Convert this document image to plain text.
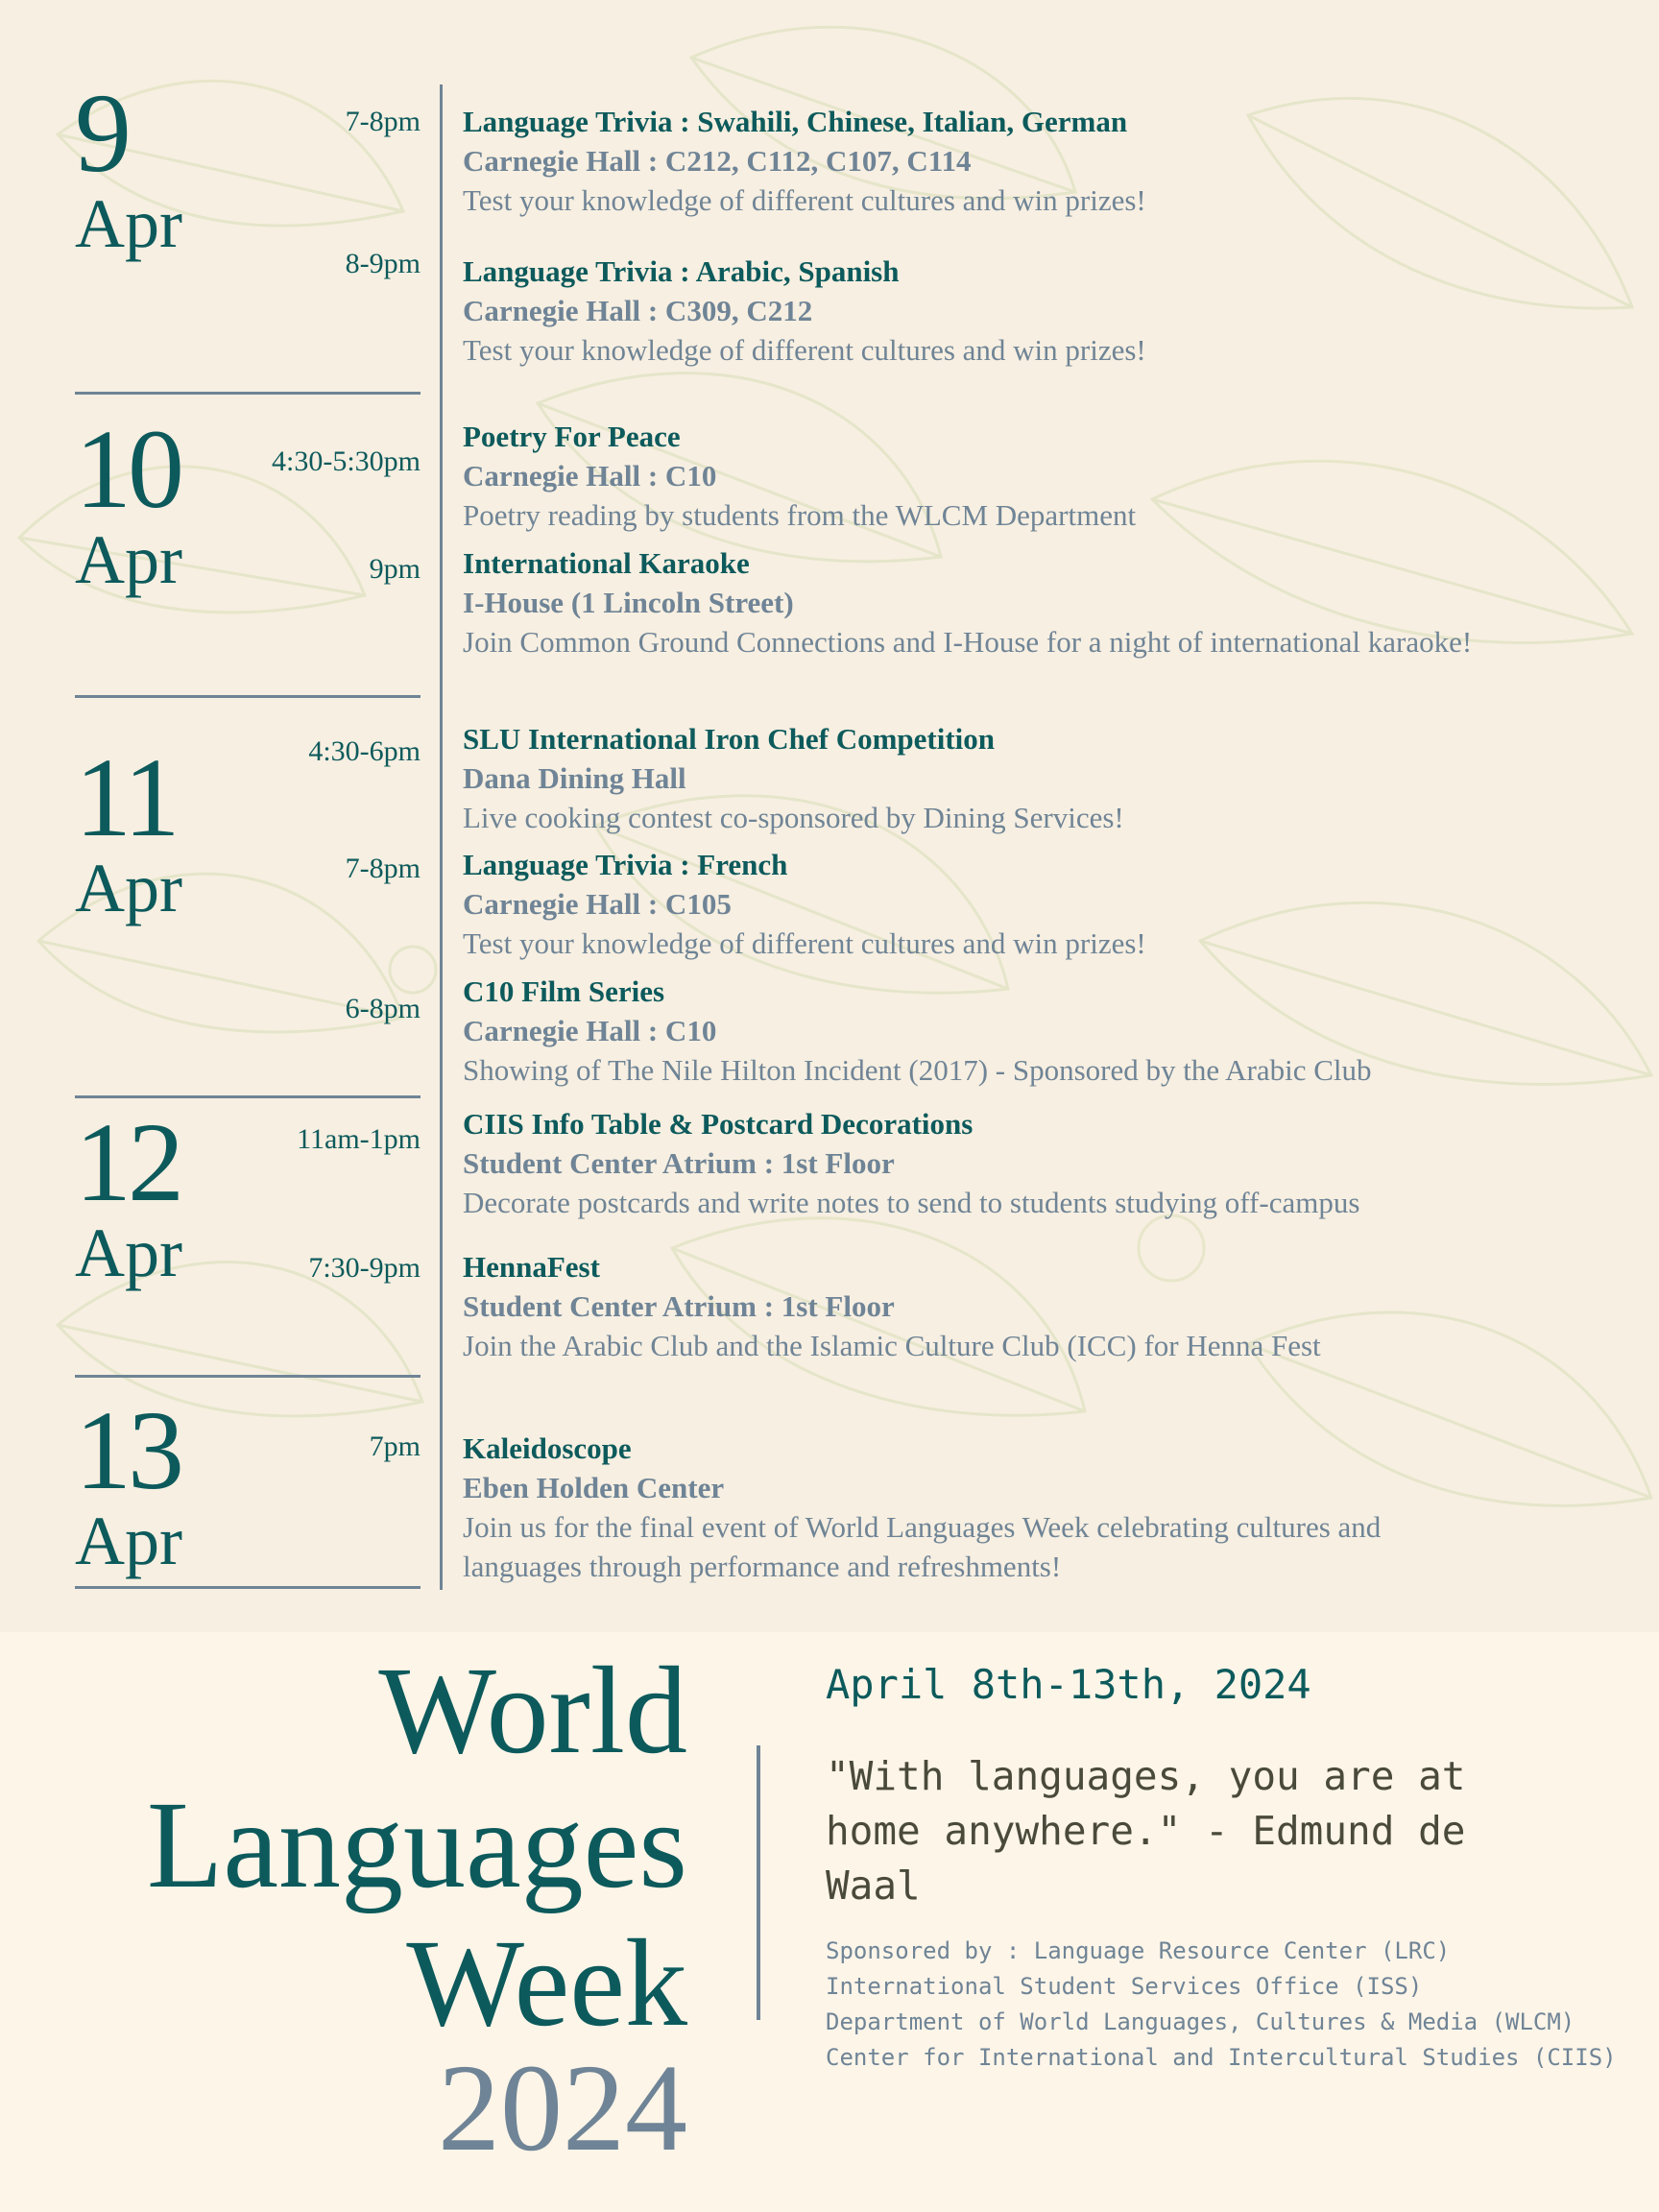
9
Apr
10
Apr
11
Apr
12
Apr
13
Apr
7-8pm
8-9pm
4:30-5:30pm
9pm
4:30-6pm
7-8pm
6-8pm
11am-1pm
7:30-9pm
7pm
Language Trivia : Swahili, Chinese, Italian, German
Carnegie Hall : C212, C112, C107, C114
Test your knowledge of different cultures and win prizes!
Language Trivia : Arabic, Spanish
Carnegie Hall : C309, C212
Test your knowledge of different cultures and win prizes!
Poetry For Peace
Carnegie Hall : C10
Poetry reading by students from the WLCM Department
International Karaoke
I-House (1 Lincoln Street)
Join Common Ground Connections and I-House for a night of international karaoke!
SLU International Iron Chef Competition
Dana Dining Hall
Live cooking contest co-sponsored by Dining Services!
Language Trivia : French
Carnegie Hall : C105
Test your knowledge of different cultures and win prizes!
C10 Film Series
Carnegie Hall : C10
Showing of The Nile Hilton Incident (2017) - Sponsored by the Arabic Club
CIIS Info Table & Postcard Decorations
Student Center Atrium : 1st Floor
Decorate postcards and write notes to send to students studying off-campus
HennaFest
Student Center Atrium : 1st Floor
Join the Arabic Club and the Islamic Culture Club (ICC) for Henna Fest
Kaleidoscope
Eben Holden Center
Join us for the final event of World Languages Week celebrating cultures and languages through performance and refreshments!
World
Languages
Week
2024
April 8th-13th, 2024
"With languages, you are at home anywhere." - Edmund de Waal
Sponsored by : Language Resource Center (LRC)
International Student Services Office (ISS)
Department of World Languages, Cultures & Media (WLCM)
Center for International and Intercultural Studies (CIIS)
